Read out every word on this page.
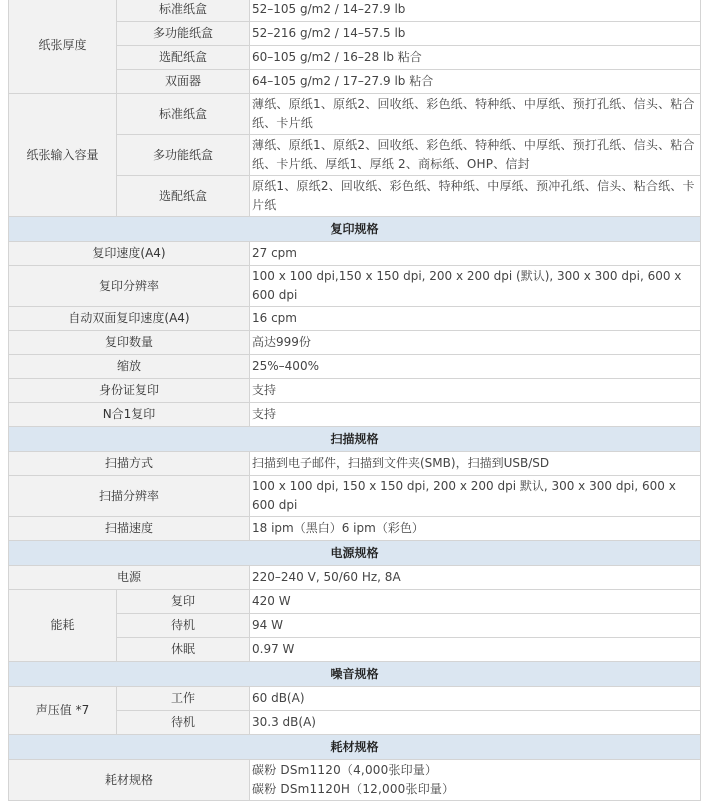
纸张厚度	标准纸盒	52–105 g/m2 / 14–27.9 lb
	多功能纸盒	52–216 g/m2 / 14–57.5 lb
	选配纸盒	60–105 g/m2 / 16–28 lb 粘合
	双面器	64–105 g/m2 / 17–27.9 lb 粘合
纸张输入容量	标准纸盒	薄纸、原纸1、原纸2、回收纸、彩色纸、特种纸、中厚纸、预打孔纸、信头、粘合纸、卡片纸
	多功能纸盒	薄纸、原纸1、原纸2、回收纸、彩色纸、特种纸、中厚纸、预打孔纸、信头、粘合纸、卡片纸、厚纸1、厚纸 2、商标纸、OHP、信封
	选配纸盒	原纸1、原纸2、回收纸、彩色纸、特种纸、中厚纸、预冲孔纸、信头、粘合纸、卡片纸
复印规格		
复印速度(A4)		27 cpm
复印分辨率		100 x 100 dpi,150 x 150 dpi, 200 x 200 dpi (默认), 300 x 300 dpi, 600 x 600 dpi
自动双面复印速度(A4)		16 cpm
复印数量		高达999份
缩放		25%–400%
身份证复印		支持
N合1复印		支持
扫描规格		
扫描方式		扫描到电子邮件，扫描到文件夹(SMB)，扫描到USB/SD
扫描分辨率		100 x 100 dpi, 150 x 150 dpi, 200 x 200 dpi 默认, 300 x 300 dpi, 600 x 600 dpi
扫描速度		18 ipm（黑白）6 ipm（彩色）
电源规格		
电源		220–240 V, 50/60 Hz, 8A
能耗	复印	420 W
	待机	94 W
	休眠	0.97 W
噪音规格		
声压值 *7	工作	60 dB(A)
	待机	30.3 dB(A)
耗材规格		
耗材规格		碳粉 DSm1120（4,000张印量）
碳粉 DSm1120H（12,000张印量）
